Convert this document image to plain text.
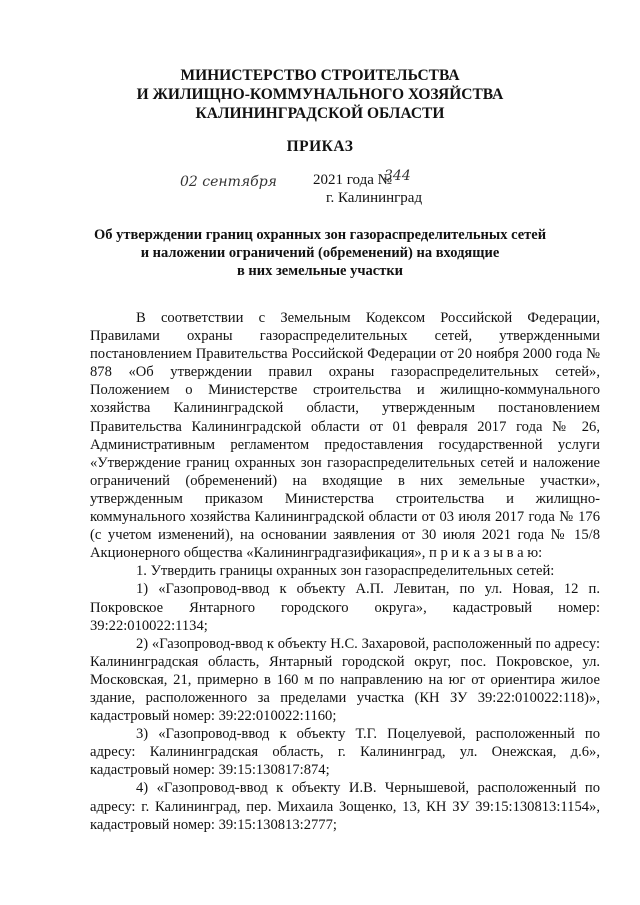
МИНИСТЕРСТВО СТРОИТЕЛЬСТВА
И ЖИЛИЩНО-КОММУНАЛЬНОГО ХОЗЯЙСТВА
КАЛИНИНГРАДСКОЙ ОБЛАСТИ
ПРИКАЗ
02 сентября 2021 года №
344
г. Калининград
Об утверждении границ охранных зон газораспределительных сетей
и наложении ограничений (обременений) на входящие
в них земельные участки

В соответствии с Земельным Кодексом Российской Федерации, Правилами охраны газораспределительных сетей, утвержденными постановлением Правительства Российской Федерации от 20 ноября 2000 года № 878 «Об утверждении правил охраны газораспределительных сетей», Положением о Министерстве строительства и жилищно-коммунального хозяйства Калининградской области, утвержденным постановлением Правительства Калининградской области от 01 февраля 2017 года № 26, Административным регламентом предоставления государственной услуги «Утверждение границ охранных зон газораспределительных сетей и наложение ограничений (обременений) на входящие в них земельные участки», утвержденным приказом Министерства строительства и жилищно-коммунального хозяйства Калининградской области от 03 июля 2017 года № 176 (с учетом изменений), на основании заявления от 30 июля 2021 года № 15/8 Акционерного общества «Калининградгазификация», п р и к а з ы в а ю:

1. Утвердить границы охранных зон газораспределительных сетей:

1) «Газопровод-ввод к объекту А.П. Левитан, по ул. Новая, 12 п. Покровское Янтарного городского округа», кадастровый номер: 39:22:010022:1134;

2) «Газопровод-ввод к объекту Н.С. Захаровой, расположенный по адресу: Калининградская область, Янтарный городской округ, пос. Покровское, ул. Московская, 21, примерно в 160 м по направлению на юг от ориентира жилое здание, расположенного за пределами участка (КН ЗУ 39:22:010022:118)», кадастровый номер: 39:22:010022:1160;

3) «Газопровод-ввод к объекту Т.Г. Поцелуевой, расположенный по адресу: Калининградская область, г. Калининград, ул. Онежская, д.6», кадастровый номер: 39:15:130817:874;

4) «Газопровод-ввод к объекту И.В. Чернышевой, расположенный по адресу: г. Калининград, пер. Михаила Зощенко, 13, КН ЗУ 39:15:130813:1154», кадастровый номер: 39:15:130813:2777;
